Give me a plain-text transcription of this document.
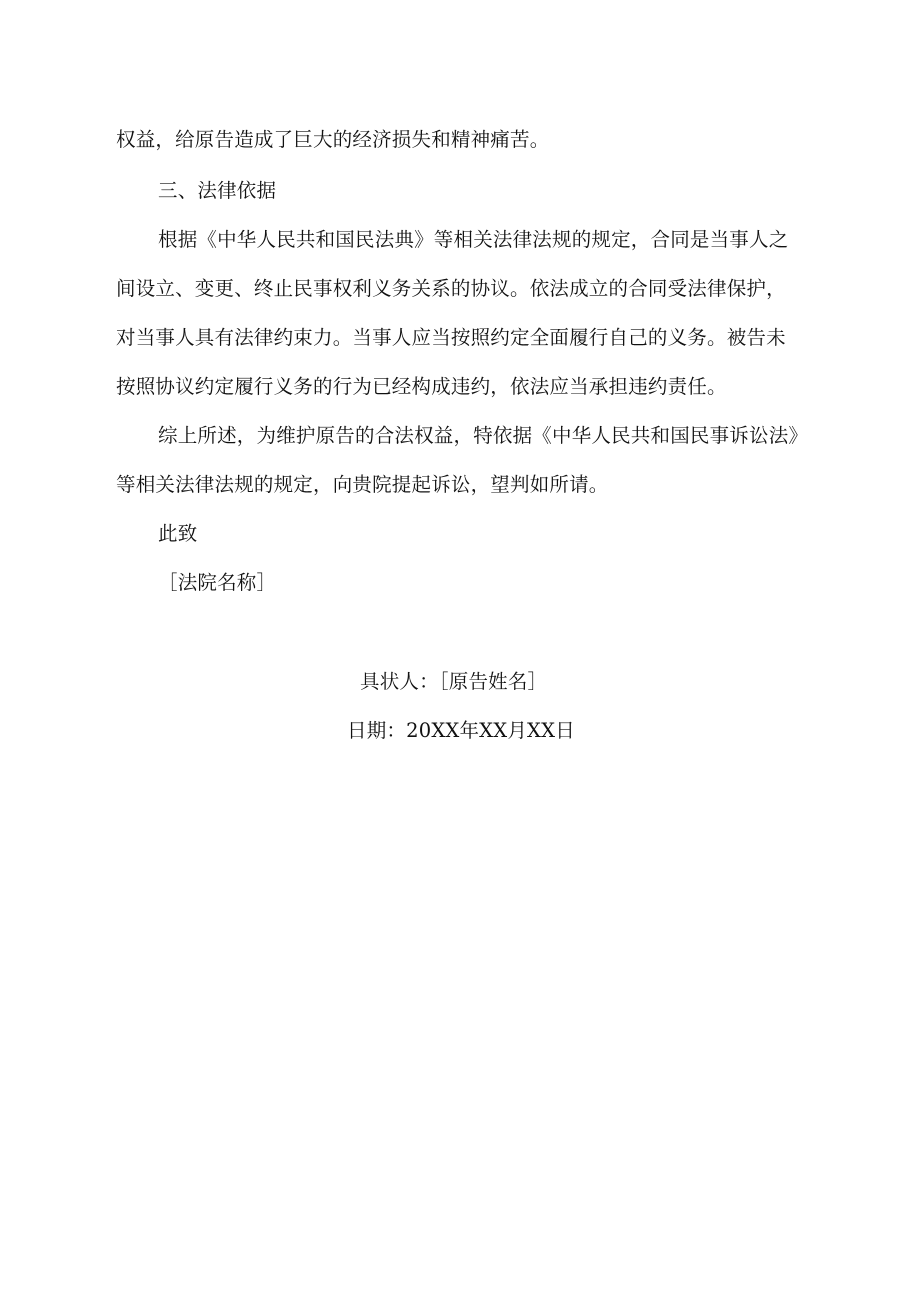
权益，给原告造成了巨大的经济损失和精神痛苦。
三、法律依据
根据《中华人民共和国民法典》等相关法律法规的规定，合同是当事人之
间设立、变更、终止民事权利义务关系的协议。依法成立的合同受法律保护，
对当事人具有法律约束力。当事人应当按照约定全面履行自己的义务。被告未
按照协议约定履行义务的行为已经构成违约，依法应当承担违约责任。
综上所述，为维护原告的合法权益，特依据《中华人民共和国民事诉讼法》
等相关法律法规的规定，向贵院提起诉讼，望判如所请。
此致
［法院名称］
具状人：［原告姓名］
日期：20XX年XX月XX日
